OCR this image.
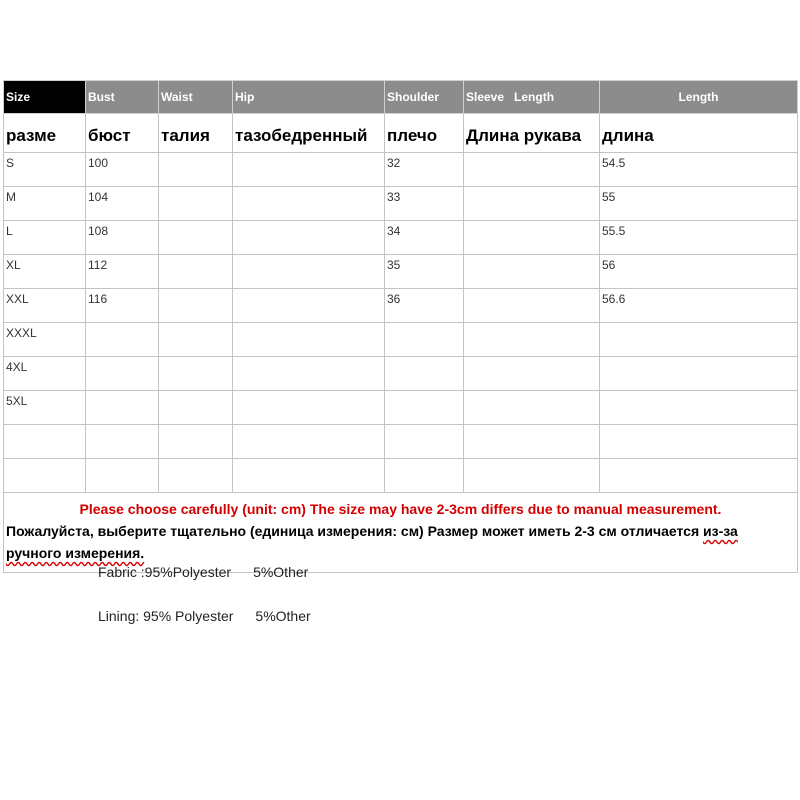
Size	Bust	Waist	Hip	Shoulder	Sleeve   Length	Length
разме	бюст	талия	тазобедренный	плечо	Длина рукава	длина
S	100			32		54.5
M	104			33		55
L	108			34		55.5
XL	112			35		56
XXL	116			36		56.6
XXXL						
4XL						
5XL						

Please choose carefully (unit: cm) The size may have 2-3cm differs due to manual measurement.
Пожалуйста, выберите тщательно (единица измерения: см) Размер может иметь 2-3 см отличается из-за ручного измерения.						
Fabric :95%Polyester 5%Other
Lining: 95% Polyester 5%Other
